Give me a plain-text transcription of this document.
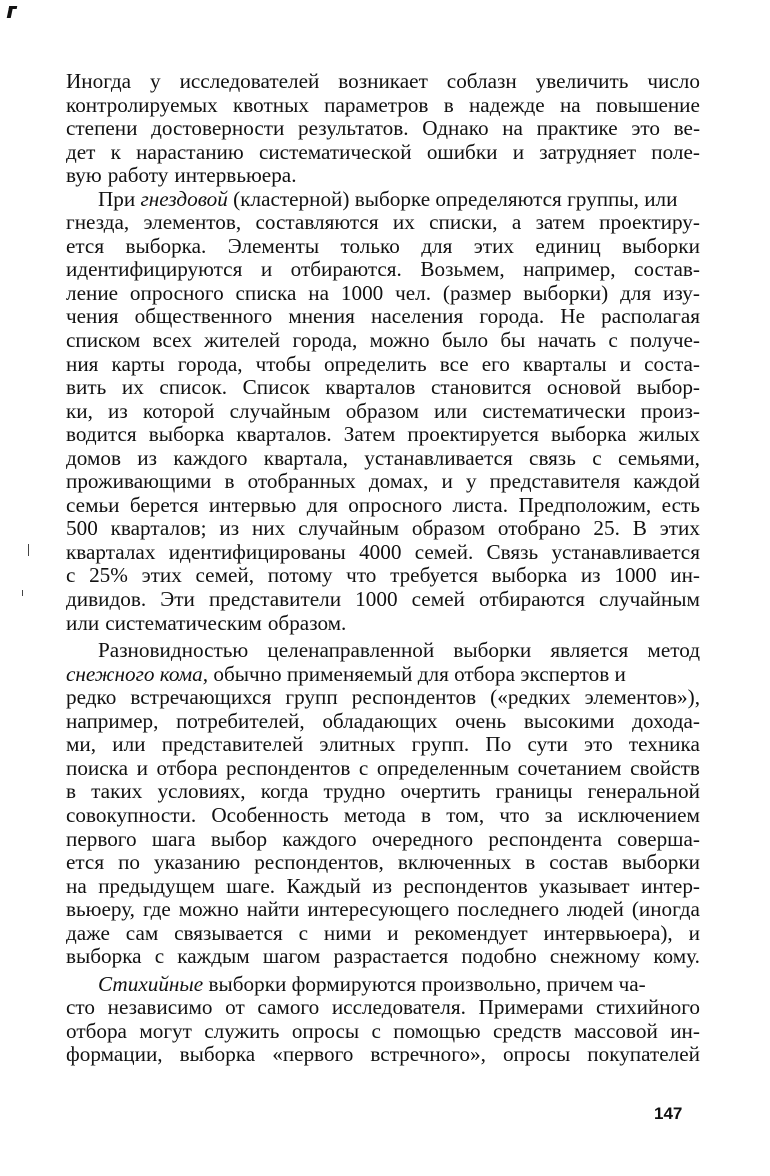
Иногда у исследователей возникает соблазн увеличить число
контролируемых квотных параметров в надежде на повышение
степени достоверности результатов. Однако на практике это ве-
дет к нарастанию систематической ошибки и затрудняет поле-
вую работу интервьюера.
При гнездовой (кластерной) выборке определяются группы, или
гнезда, элементов, составляются их списки, а затем проектиру-
ется выборка. Элементы только для этих единиц выборки
идентифицируются и отбираются. Возьмем, например, состав-
ление опросного списка на 1000 чел. (размер выборки) для изу-
чения общественного мнения населения города. Не располагая
списком всех жителей города, можно было бы начать с получе-
ния карты города, чтобы определить все его кварталы и соста-
вить их список. Список кварталов становится основой выбор-
ки, из которой случайным образом или систематически произ-
водится выборка кварталов. Затем проектируется выборка жилых
домов из каждого квартала, устанавливается связь с семьями,
проживающими в отобранных домах, и у представителя каждой
семьи берется интервью для опросного листа. Предположим, есть
500 кварталов; из них случайным образом отобрано 25. В этих
кварталах идентифицированы 4000 семей. Связь устанавливается
с 25% этих семей, потому что требуется выборка из 1000 ин-
дивидов. Эти представители 1000 семей отбираются случайным
или систематическим образом.
Разновидностью целенаправленной выборки является метод
снежного кома, обычно применяемый для отбора экспертов и
редко встречающихся групп респондентов («редких элементов»),
например, потребителей, обладающих очень высокими дохода-
ми, или представителей элитных групп. По сути это техника
поиска и отбора респондентов с определенным сочетанием свойств
в таких условиях, когда трудно очертить границы генеральной
совокупности. Особенность метода в том, что за исключением
первого шага выбор каждого очередного респондента соверша-
ется по указанию респондентов, включенных в состав выборки
на предыдущем шаге. Каждый из респондентов указывает интер-
вьюеру, где можно найти интересующего последнего людей (иногда
даже сам связывается с ними и рекомендует интервьюера), и
выборка с каждым шагом разрастается подобно снежному кому.
Стихийные выборки формируются произвольно, причем ча-
сто независимо от самого исследователя. Примерами стихийного
отбора могут служить опросы с помощью средств массовой ин-
формации, выборка «первого встречного», опросы покупателей
147
